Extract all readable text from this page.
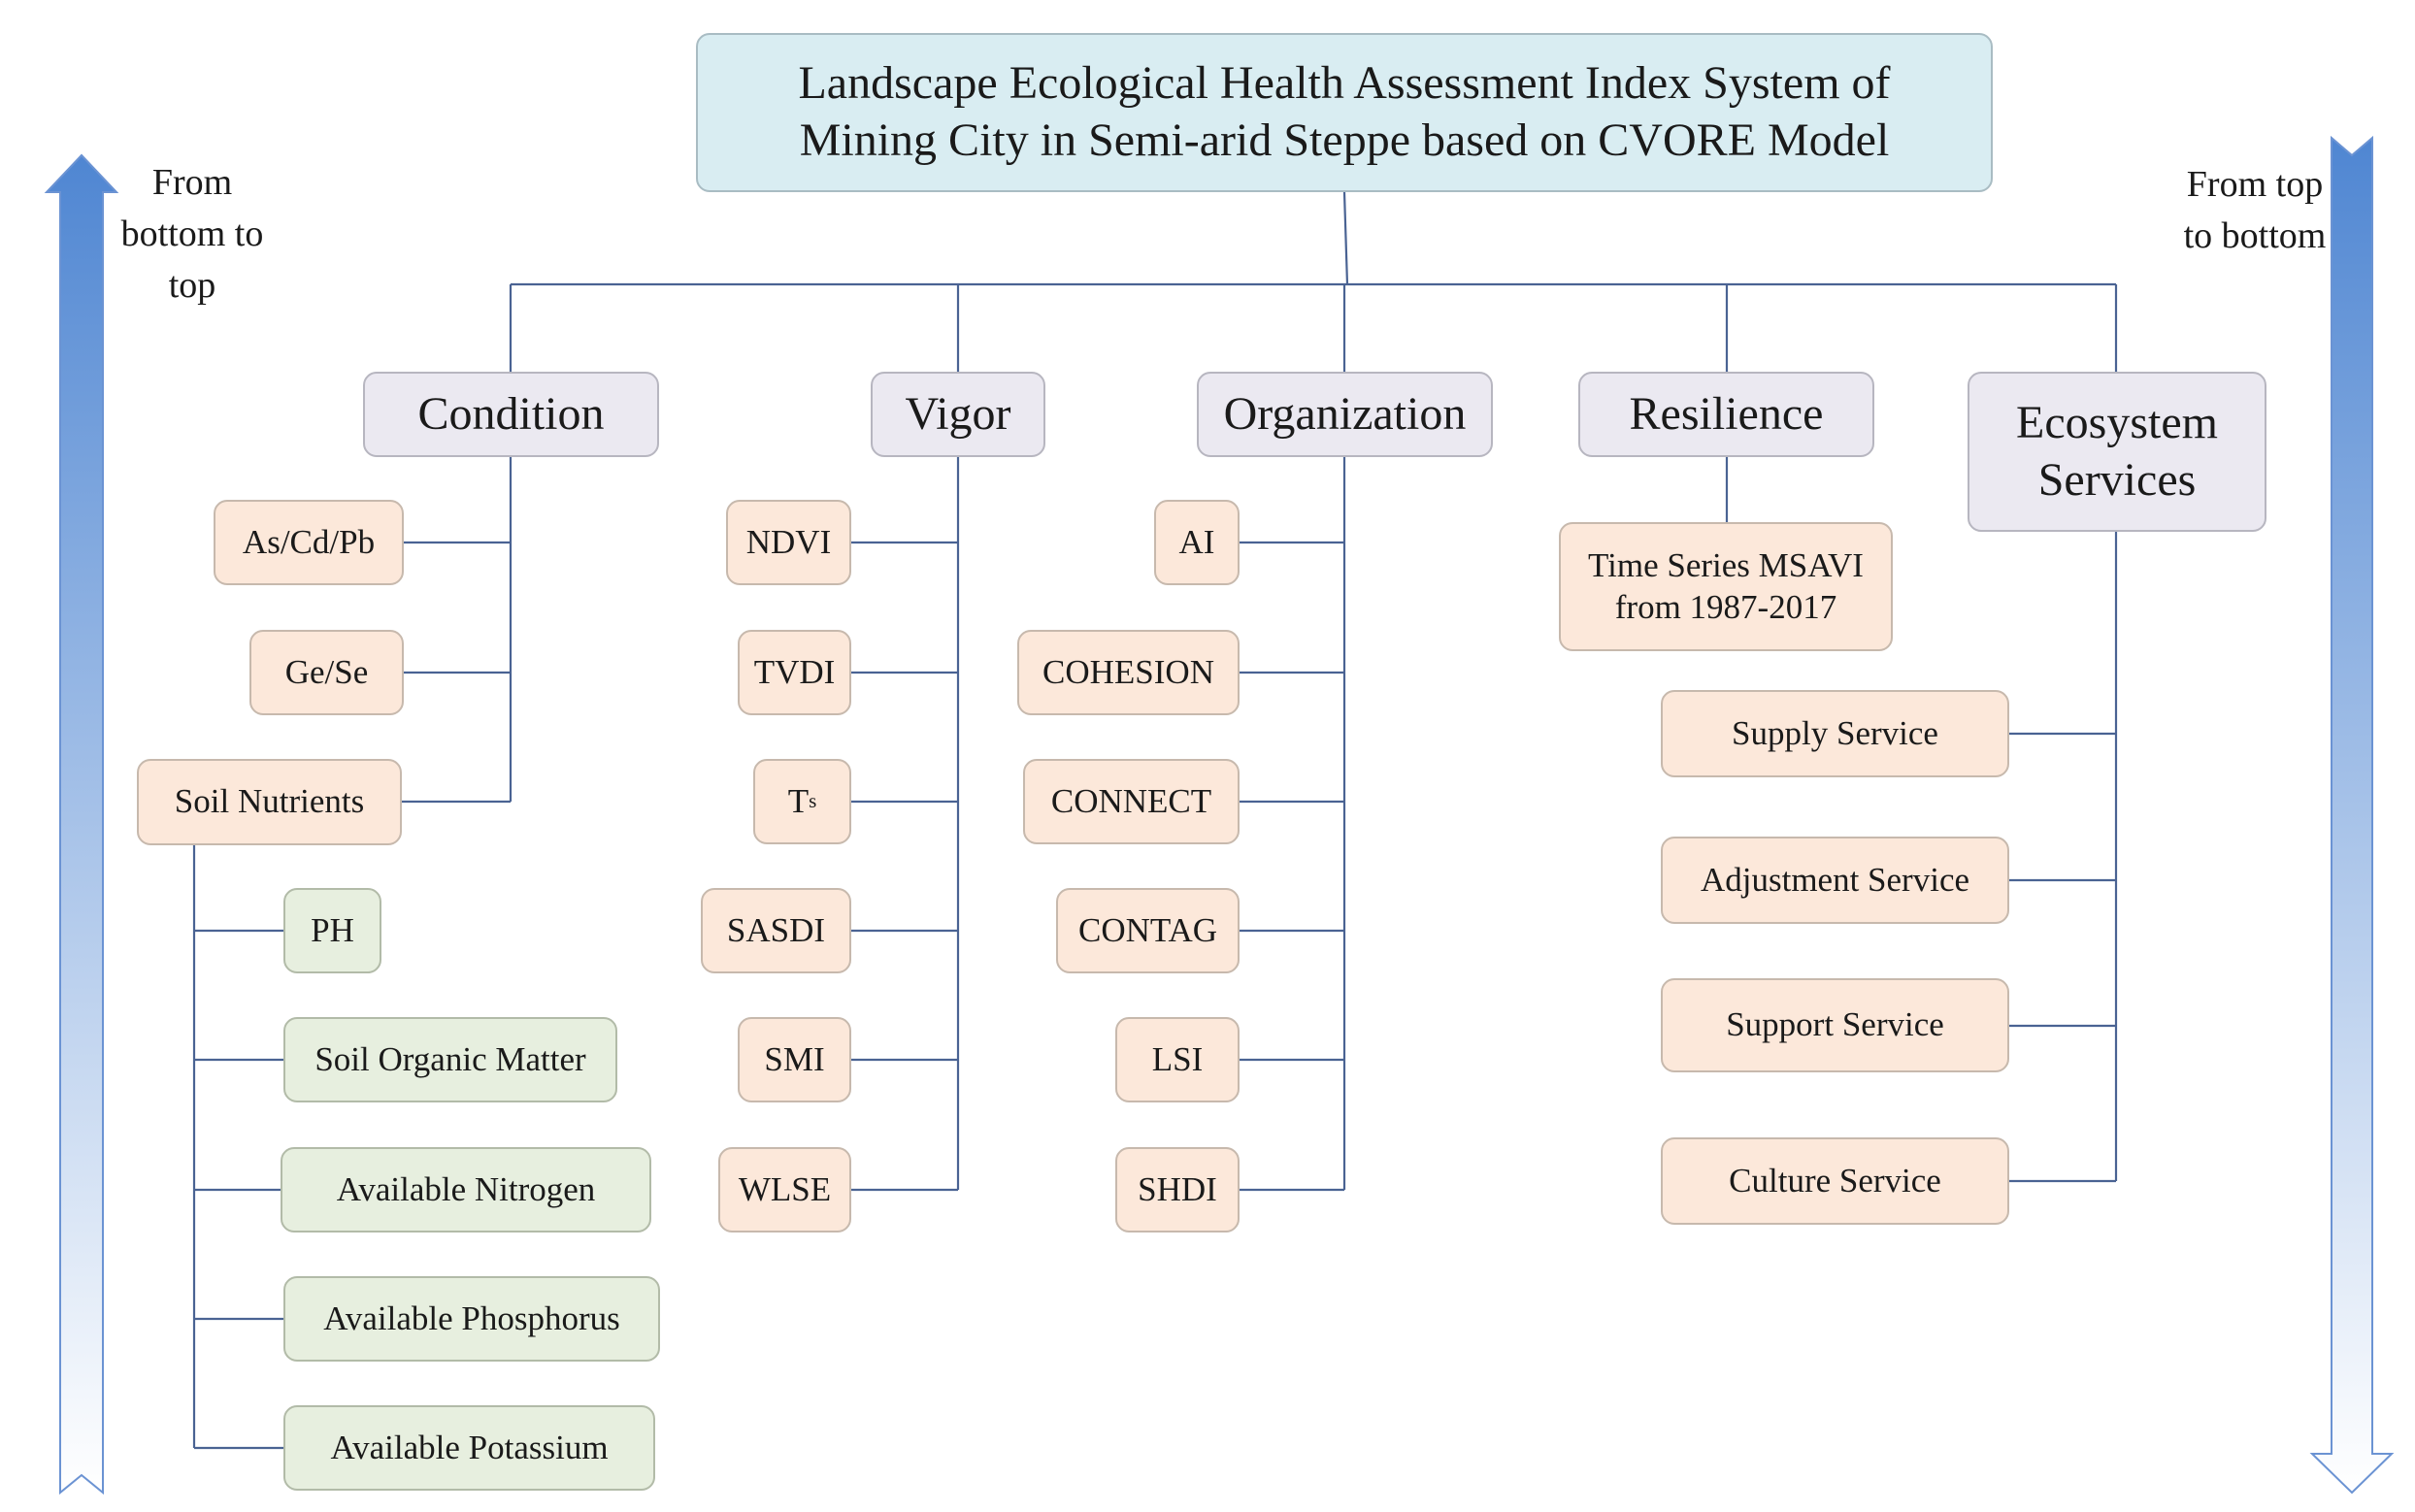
From bottom to top
From top to bottom
Landscape Ecological Health Assessment Index System of Mining City in Semi-arid Steppe based on CVORE Model
Condition	Vigor	Organization	Resilience	Ecosystem Services
As/Cd/Pb
Ge/Se
Soil Nutrients
PH
Soil Organic Matter
Available Nitrogen
Available Phosphorus
Available Potassium
NDVI
TVDI
T s
SASDI
SMI
WLSE
AI
COHESION
CONNECT
CONTAG
LSI
SHDI
Time Series MSAVI from 1987-2017
Supply Service
Adjustment Service
Support Service
Culture Service
